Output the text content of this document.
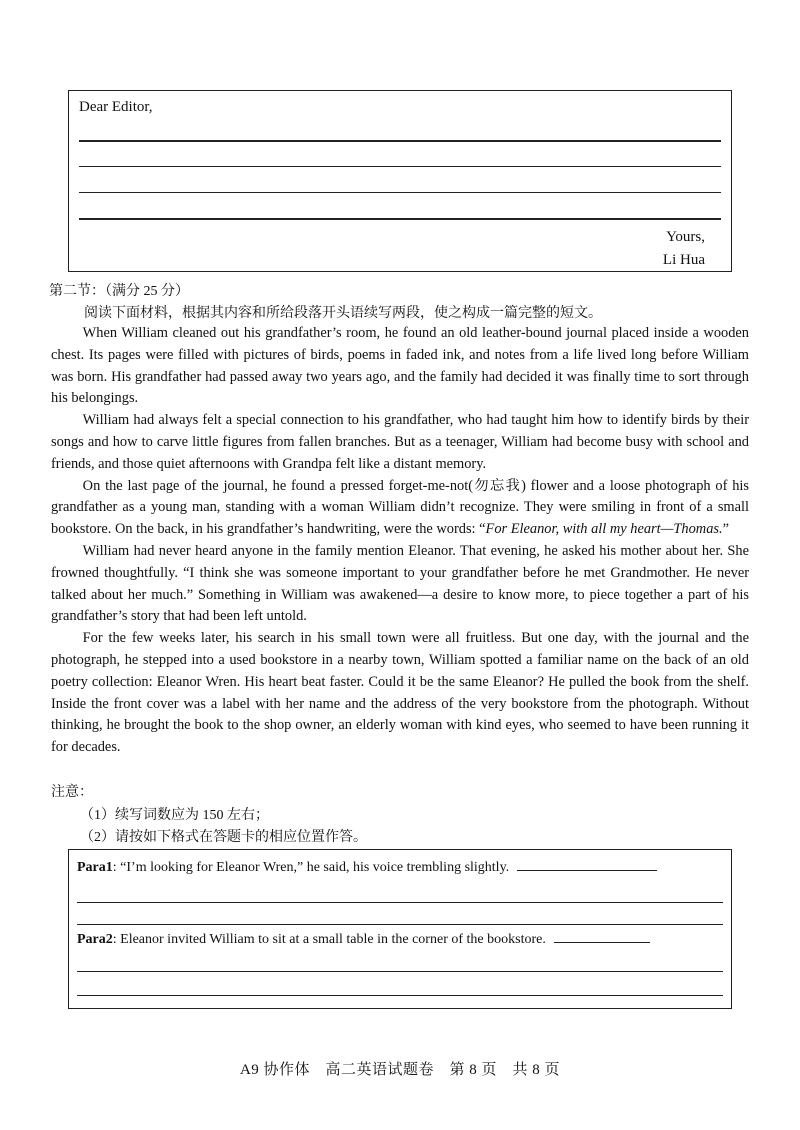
Dear Editor,
Yours,
Li Hua
第二节：（满分 25 分）
阅读下面材料，根据其内容和所给段落开头语续写两段，使之构成一篇完整的短文。

When William cleaned out his grandfather’s room, he found an old leather-bound journal placed inside a wooden chest. Its pages were filled with pictures of birds, poems in faded ink, and notes from a life lived long before William was born. His grandfather had passed away two years ago, and the family had decided it was finally time to sort through his belongings.

William had always felt a special connection to his grandfather, who had taught him how to identify birds by their songs and how to carve little figures from fallen branches. But as a teenager, William had become busy with school and friends, and those quiet afternoons with Grandpa felt like a distant memory.

On the last page of the journal, he found a pressed forget-me-not(勿忘我) flower and a loose photograph of his grandfather as a young man, standing with a woman William didn’t recognize. They were smiling in front of a small bookstore. On the back, in his grandfather’s handwriting, were the words: “For Eleanor, with all my heart—Thomas.”

William had never heard anyone in the family mention Eleanor. That evening, he asked his mother about her. She frowned thoughtfully. “I think she was someone important to your grandfather before he met Grandmother. He never talked about her much.” Something in William was awakened—a desire to know more, to piece together a part of his grandfather’s story that had been left untold.

For the few weeks later, his search in his small town were all fruitless. But one day, with the journal and the photograph, he stepped into a used bookstore in a nearby town, William spotted a familiar name on the back of an old poetry collection: Eleanor Wren. His heart beat faster. Could it be the same Eleanor? He pulled the book from the shelf. Inside the front cover was a label with her name and the address of the very bookstore from the photograph. Without thinking, he brought the book to the shop owner, an elderly woman with kind eyes, who seemed to have been running it for decades.

注意：
（1）续写词数应为 150 左右；
（2）请按如下格式在答题卡的相应位置作答。
Para1: “I’m looking for Eleanor Wren,” he said, his voice trembling slightly.
Para2: Eleanor invited William to sit at a small table in the corner of the bookstore.
A9 协作体　高二英语试题卷　第 8 页　共 8 页
